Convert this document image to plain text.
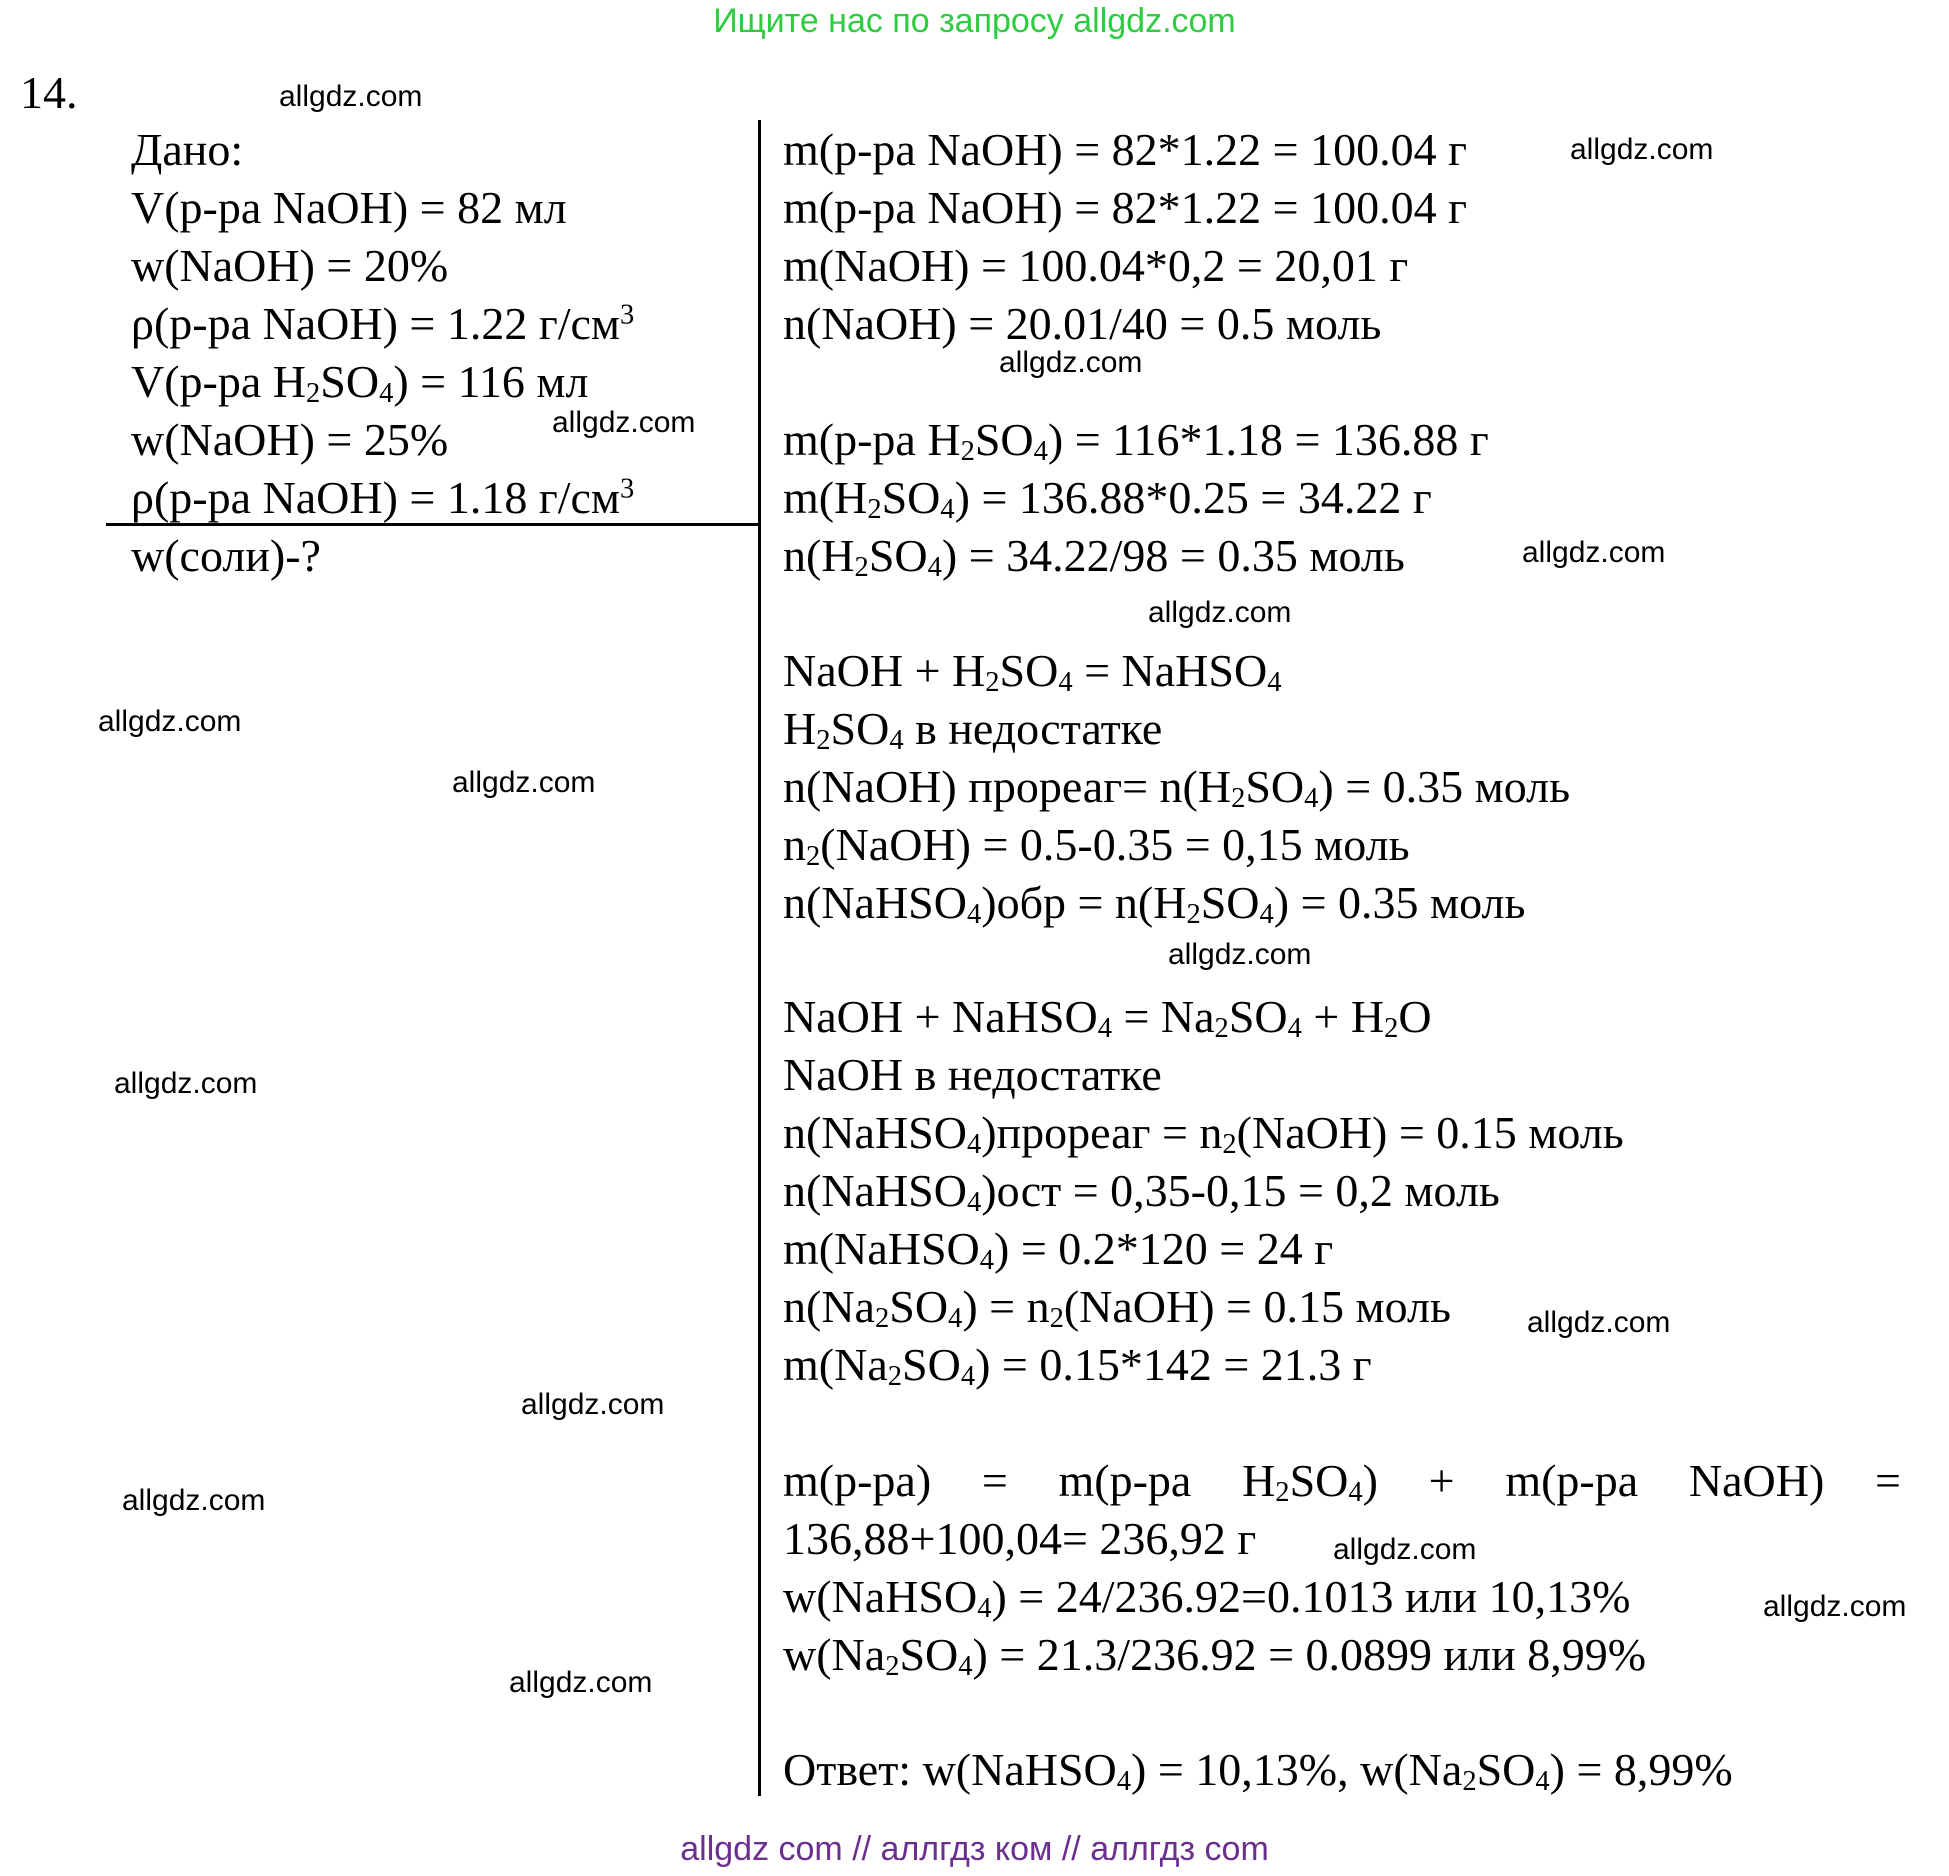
Ищите нас по запросу allgdz.com
14.	allgdz.com
allgdz.com
allgdz.com
allgdz.com
allgdz.com
allgdz.com
allgdz.com
allgdz.com
allgdz.com
allgdz.com
allgdz.com
allgdz.com
allgdz.com
allgdz.com
allgdz.com
allgdz.com
Дано:
V(р-ра NaOH) = 82 мл
w(NaOH) = 20%
ρ(р-ра NaOH) = 1.22 $г/см^3$
V(р-ра $H_2SO_4) = 116$ мл
w(NaOH) = 25%
ρ(р-ра NaOH) = 1.18 $г/см^3$
w(соли)-?
m(р-ра NaOH) = 82*1.22 = 100.04 г
m(р-ра NaOH) = 82*1.22 = 100.04 г
m(NaOH) = 100.04*0,2 = 20,01 г
n(NaOH) = 20.01/40 = 0.5 моль
m(р-ра $H_2SO_4) = 116*1.18 = 136.88$ г
$m(H_2SO_4) = 136.88*0.25 = 34.22$ г
$n(H_2SO_4) = 34.22/98 = 0.35$ моль
NaOH + $H_2SO_4$ = NaHSO$_4$
$H_2SO_4$ в недостатке
n(NaOH) прореаг= $n(H_2SO_4) = 0.35$ моль
$n_2(NaOH) = 0.5-0.35 = 0,15$ моль
n(NaHSO$_4$)обр = $n(H_2SO_4) = 0.35$ моль
NaOH + NaHSO$_4$ = $Na_2SO_4 + H_2O$
NaOH в недостатке
n(NaHSO$_4$)прореаг = $n_2(NaOH) = 0.15$ моль
n(NaHSO$_4$)ост = 0,35-0,15 = 0,2 моль
m(NaHSO$_4$) = 0.2*120 = 24 г
$n(Na_2SO_4)$ = $n_2(NaOH) = 0.15$ моль
$m(Na_2SO_4) = 0.15*142 = 21.3$ г
m(р-ра) = m(р-ра $H_2SO_4) + m(р-ра$ NaOH) =
136,88+100,04= 236,92 г
w(NaHSO$_4$) = 24/236.92=0.1013 или 10,13%
$w(Na_2SO_4) = 21.3/236.92 = 0.0899$ или 8,99%
Ответ: w(NaHSO$_4$) = 10,13%, $w(Na_2SO_4) = 8,99\%$
allgdz com // аллгдз ком // аллгдз com
